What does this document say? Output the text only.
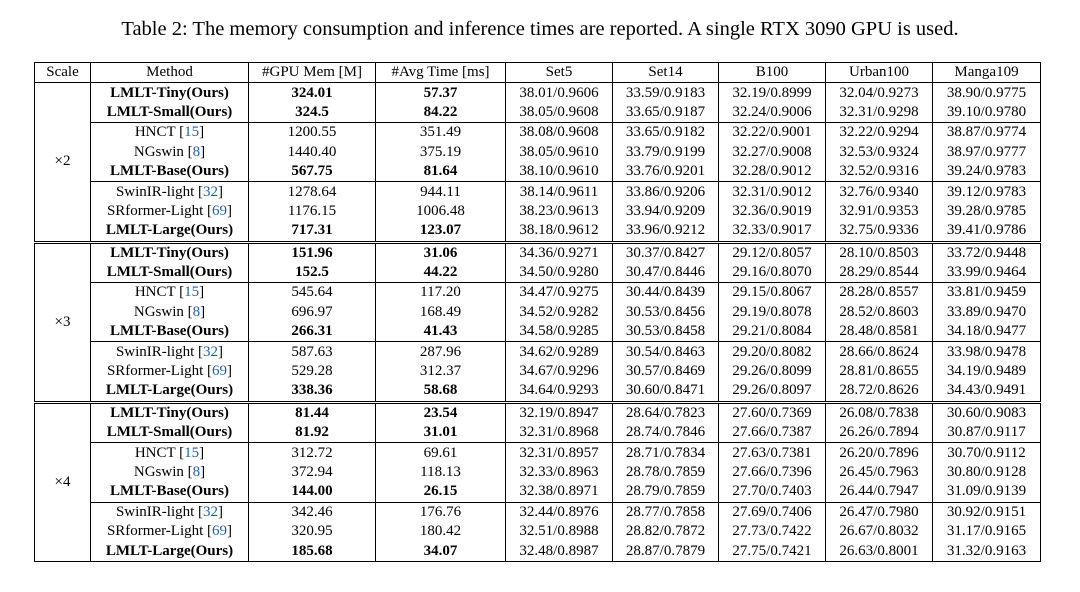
Table 2: The memory consumption and inference times are reported. A single RTX 3090 GPU is used.
Scale	Method	#GPU Mem [M]	#Avg Time [ms]	Set5	Set14	B100	Urban100	Manga109
×2	LMLT-Tiny(Ours)	324.01	57.37	38.01/0.9606	33.59/0.9183	32.19/0.8999	32.04/0.9273	38.90/0.9775
	LMLT-Small(Ours)	324.5	84.22	38.05/0.9608	33.65/0.9187	32.24/0.9006	32.31/0.9298	39.10/0.9780
	HNCT [15]	1200.55	351.49	38.08/0.9608	33.65/0.9182	32.22/0.9001	32.22/0.9294	38.87/0.9774
	NGswin [8]	1440.40	375.19	38.05/0.9610	33.79/0.9199	32.27/0.9008	32.53/0.9324	38.97/0.9777
	LMLT-Base(Ours)	567.75	81.64	38.10/0.9610	33.76/0.9201	32.28/0.9012	32.52/0.9316	39.24/0.9783
	SwinIR-light [32]	1278.64	944.11	38.14/0.9611	33.86/0.9206	32.31/0.9012	32.76/0.9340	39.12/0.9783
	SRformer-Light [69]	1176.15	1006.48	38.23/0.9613	33.94/0.9209	32.36/0.9019	32.91/0.9353	39.28/0.9785
	LMLT-Large(Ours)	717.31	123.07	38.18/0.9612	33.96/0.9212	32.33/0.9017	32.75/0.9336	39.41/0.9786
×3	LMLT-Tiny(Ours)	151.96	31.06	34.36/0.9271	30.37/0.8427	29.12/0.8057	28.10/0.8503	33.72/0.9448
	LMLT-Small(Ours)	152.5	44.22	34.50/0.9280	30.47/0.8446	29.16/0.8070	28.29/0.8544	33.99/0.9464
	HNCT [15]	545.64	117.20	34.47/0.9275	30.44/0.8439	29.15/0.8067	28.28/0.8557	33.81/0.9459
	NGswin [8]	696.97	168.49	34.52/0.9282	30.53/0.8456	29.19/0.8078	28.52/0.8603	33.89/0.9470
	LMLT-Base(Ours)	266.31	41.43	34.58/0.9285	30.53/0.8458	29.21/0.8084	28.48/0.8581	34.18/0.9477
	SwinIR-light [32]	587.63	287.96	34.62/0.9289	30.54/0.8463	29.20/0.8082	28.66/0.8624	33.98/0.9478
	SRformer-Light [69]	529.28	312.37	34.67/0.9296	30.57/0.8469	29.26/0.8099	28.81/0.8655	34.19/0.9489
	LMLT-Large(Ours)	338.36	58.68	34.64/0.9293	30.60/0.8471	29.26/0.8097	28.72/0.8626	34.43/0.9491
×4	LMLT-Tiny(Ours)	81.44	23.54	32.19/0.8947	28.64/0.7823	27.60/0.7369	26.08/0.7838	30.60/0.9083
	LMLT-Small(Ours)	81.92	31.01	32.31/0.8968	28.74/0.7846	27.66/0.7387	26.26/0.7894	30.87/0.9117
	HNCT [15]	312.72	69.61	32.31/0.8957	28.71/0.7834	27.63/0.7381	26.20/0.7896	30.70/0.9112
	NGswin [8]	372.94	118.13	32.33/0.8963	28.78/0.7859	27.66/0.7396	26.45/0.7963	30.80/0.9128
	LMLT-Base(Ours)	144.00	26.15	32.38/0.8971	28.79/0.7859	27.70/0.7403	26.44/0.7947	31.09/0.9139
	SwinIR-light [32]	342.46	176.76	32.44/0.8976	28.77/0.7858	27.69/0.7406	26.47/0.7980	30.92/0.9151
	SRformer-Light [69]	320.95	180.42	32.51/0.8988	28.82/0.7872	27.73/0.7422	26.67/0.8032	31.17/0.9165
	LMLT-Large(Ours)	185.68	34.07	32.48/0.8987	28.87/0.7879	27.75/0.7421	26.63/0.8001	31.32/0.9163
